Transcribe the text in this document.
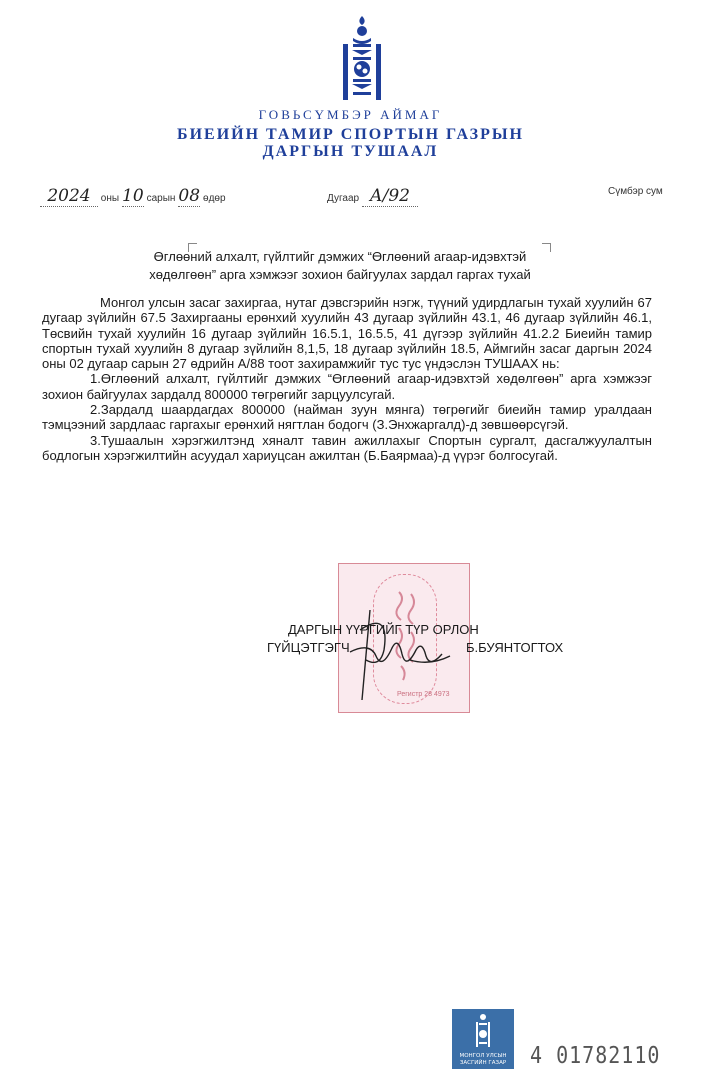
ГОВЬСҮМБЭР АЙМАГ
БИЕИЙН ТАМИР СПОРТЫН ГАЗРЫН
ДАРГЫН ТУШААЛ
2024 оны 10 сарын 08 өдөр	Дугаар А/92	Сүмбэр сум
Өглөөний алхалт, гүйлтийг дэмжих “Өглөөний агаар-идэвхтэй
хөдөлгөөн” арга хэмжээг зохион байгуулах зардал гаргах тухай

Монгол улсын засаг захиргаа, нутаг дэвсгэрийн нэгж, түүний удирдлагын тухай хуулийн 67 дугаар зүйлийн 67.5 Захиргааны ерөнхий хуулийн 43 дугаар зүйлийн 43.1, 46 дугаар зүйлийн 46.1, Төсвийн тухай хуулийн 16 дугаар зүйлийн 16.5.1, 16.5.5, 41 дүгээр зүйлийн 41.2.2 Биеийн тамир спортын тухай хуулийн 8 дугаар зүйлийн 8,1,5, 18 дугаар зүйлийн 18.5, Аймгийн засаг даргын 2024 оны 02 дугаар сарын 27 өдрийн А/88 тоот захирамжийг тус тус үндэслэн ТУШААХ нь:

1.Өглөөний алхалт, гүйлтийг дэмжих “Өглөөний агаар-идэвхтэй хөдөлгөөн” арга хэмжээг зохион байгуулах зардалд 800000 төгрөгийг зарцуулсугай.

2.Зардалд шаардагдах 800000 (найман зуун мянга) төгрөгийг биеийн тамир уралдаан тэмцээний зардлаас гаргахыг ерөнхий нягтлан бодогч (З.Энхжаргалд)-д зөвшөөрсүгэй.

3.Тушаалын хэрэгжилтэнд хяналт тавин ажиллахыг Спортын сургалт, дасгалжуулалтын бодлогын хэрэгжилтийн асуудал хариуцсан ажилтан (Б.Баярмаа)-д үүрэг болгосугай.

Регистр 28 4973
ДАРГЫН ҮҮРГИЙГ ТҮР ОРЛОН
ГҮЙЦЭТГЭГЧ	Б.БУЯНТОГТОХ
МОНГОЛ УЛСЫН
ЗАСГИЙН ГАЗАР	4 01782110
